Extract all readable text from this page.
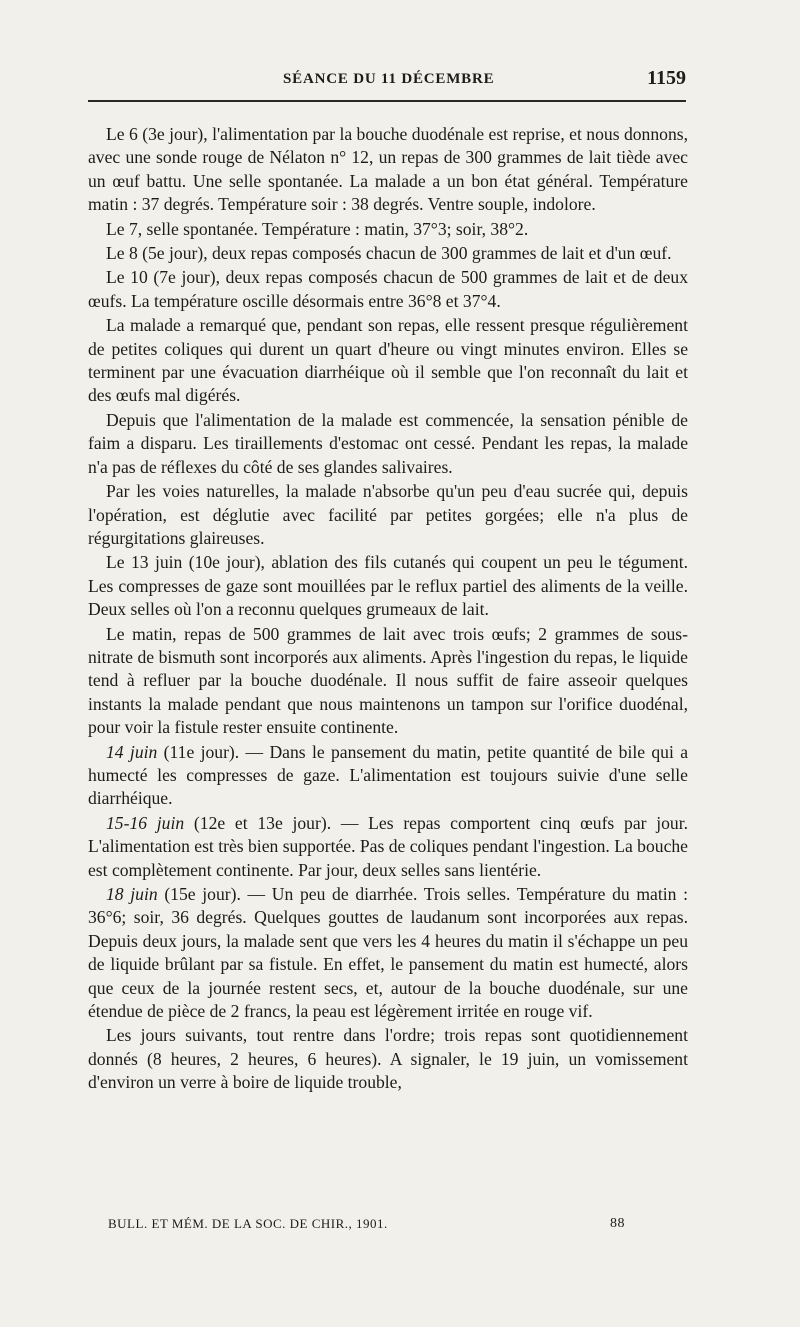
SÉANCE DU 11 DÉCEMBRE	1159

Le 6 (3e jour), l'alimentation par la bouche duodénale est reprise, et nous donnons, avec une sonde rouge de Nélaton n° 12, un repas de 300 grammes de lait tiède avec un œuf battu. Une selle spontanée. La malade a un bon état général. Température matin : 37 degrés. Température soir : 38 degrés. Ventre souple, indolore.

Le 7, selle spontanée. Température : matin, 37°3; soir, 38°2.

Le 8 (5e jour), deux repas composés chacun de 300 grammes de lait et d'un œuf.

Le 10 (7e jour), deux repas composés chacun de 500 grammes de lait et de deux œufs. La température oscille désormais entre 36°8 et 37°4.

La malade a remarqué que, pendant son repas, elle ressent presque régulièrement de petites coliques qui durent un quart d'heure ou vingt minutes environ. Elles se terminent par une évacuation diarrhéique où il semble que l'on reconnaît du lait et des œufs mal digérés.

Depuis que l'alimentation de la malade est commencée, la sensation pénible de faim a disparu. Les tiraillements d'estomac ont cessé. Pendant les repas, la malade n'a pas de réflexes du côté de ses glandes salivaires.

Par les voies naturelles, la malade n'absorbe qu'un peu d'eau sucrée qui, depuis l'opération, est déglutie avec facilité par petites gorgées; elle n'a plus de régurgitations glaireuses.

Le 13 juin (10e jour), ablation des fils cutanés qui coupent un peu le tégument. Les compresses de gaze sont mouillées par le reflux partiel des aliments de la veille. Deux selles où l'on a reconnu quelques grumeaux de lait.

Le matin, repas de 500 grammes de lait avec trois œufs; 2 grammes de sous-nitrate de bismuth sont incorporés aux aliments. Après l'ingestion du repas, le liquide tend à refluer par la bouche duodénale. Il nous suffit de faire asseoir quelques instants la malade pendant que nous maintenons un tampon sur l'orifice duodénal, pour voir la fistule rester ensuite continente.

14 juin (11e jour). — Dans le pansement du matin, petite quantité de bile qui a humecté les compresses de gaze. L'alimentation est toujours suivie d'une selle diarrhéique.

15-16 juin (12e et 13e jour). — Les repas comportent cinq œufs par jour. L'alimentation est très bien supportée. Pas de coliques pendant l'ingestion. La bouche est complètement continente. Par jour, deux selles sans lientérie.

18 juin (15e jour). — Un peu de diarrhée. Trois selles. Température du matin : 36°6; soir, 36 degrés. Quelques gouttes de laudanum sont incorporées aux repas. Depuis deux jours, la malade sent que vers les 4 heures du matin il s'échappe un peu de liquide brûlant par sa fistule. En effet, le pansement du matin est humecté, alors que ceux de la journée restent secs, et, autour de la bouche duodénale, sur une étendue de pièce de 2 francs, la peau est légèrement irritée en rouge vif.

Les jours suivants, tout rentre dans l'ordre; trois repas sont quotidiennement donnés (8 heures, 2 heures, 6 heures). A signaler, le 19 juin, un vomissement d'environ un verre à boire de liquide trouble,

BULL. ET MÉM. DE LA SOC. DE CHIR., 1901.	88
